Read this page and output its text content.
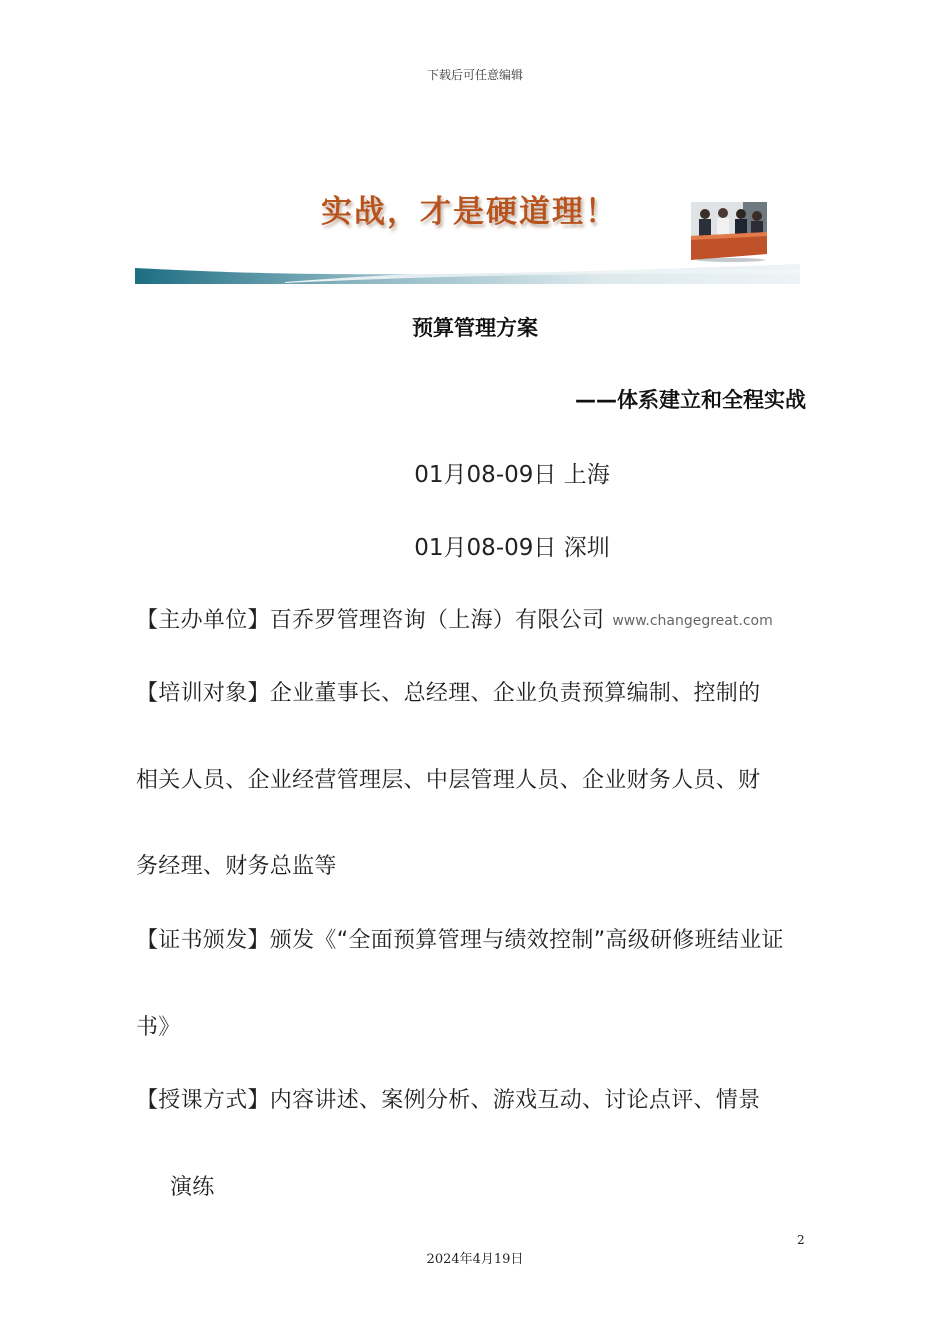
下载后可任意编辑
实战，才是硬道理！
预算管理方案
——体系建立和全程实战
01月08-09日 上海
01月08-09日 深圳
【主办单位】百乔罗管理咨询（上海）有限公司 www.changegreat.com
【培训对象】企业董事长、总经理、企业负责预算编制、控制的
相关人员、企业经营管理层、中层管理人员、企业财务人员、财
务经理、财务总监等
【证书颁发】颁发《“全面预算管理与绩效控制”高级研修班结业证
书》
【授课方式】内容讲述、案例分析、游戏互动、讨论点评、情景
演练
2
2024年4月19日
